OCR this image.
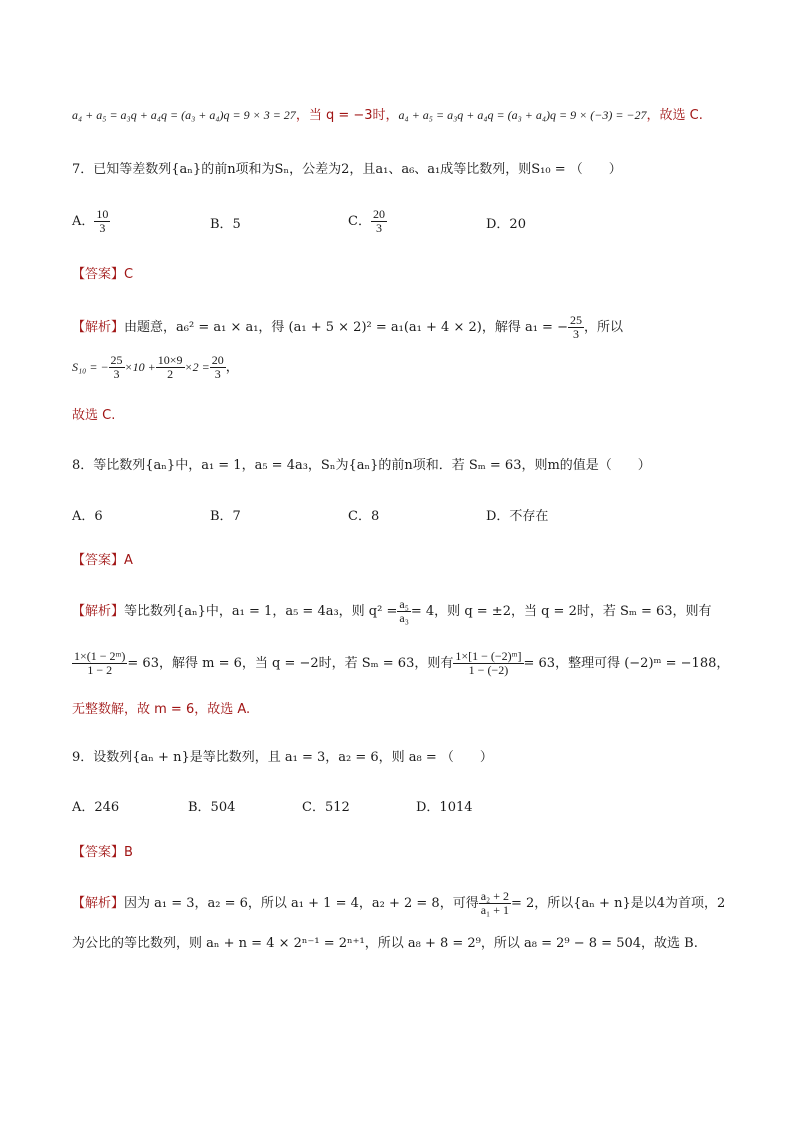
a₄ + a₅ = a₃q + a₄q = (a₃ + a₄)q = 9 × 3 = 27，当 q = −3时，a₄ + a₅ = a₃q + a₄q = (a₃ + a₄)q = 9 × (−3) = −27，故选 C.
7．已知等差数列{aₙ}的前n项和为Sₙ，公差为2，且a₁、a₆、a₁成等比数列，则S₁₀ = （　　）
A． $\frac{10}{3}$	B．5	C． $\frac{20}{3}$	D．20
【答案】C
【解析】由题意，a₆² = a₁ × a₁，得 (a₁ + 5 × 2)² = a₁(a₁ + 4 × 2)，解得 a₁ = − $\frac{25}{3}$ ，所以
S₁₀ = − $\frac{25}{3} \times 10 + \frac{10\times 9}{2} \times 2 = \frac{20}{3}$ ，
故选 C.
8．等比数列{aₙ}中，a₁ = 1，a₅ = 4a₃，Sₙ为{aₙ}的前n项和．若 Sₘ = 63，则m的值是（　　）
A．6	B．7	C．8	D．不存在
【答案】A
【解析】等比数列{aₙ}中，a₁ = 1，a₅ = 4a₃，则 $q^2 = \frac{\text{a₅}}{\text{a₃}} = 4$，则 q = ±2，当 q = 2时，若 Sₘ = 63，则有
$\frac{\text{1×(1 − 2ᵐ)}}{1 - 2} = 63$，解得 m = 6，当 q = −2时，若 Sₘ = 63，则有 $\frac{\text{1×[1 − (−2)ᵐ]}}{1 - (-2)} = 63$，整理可得 (−2)ᵐ = −188，
无整数解，故 m = 6，故选 A.
9．设数列{aₙ + n}是等比数列，且 a₁ = 3，a₂ = 6，则 a₈ = （　　）
A．246	B．504	C．512	D．1014
【答案】B
【解析】因为 a₁ = 3，a₂ = 6，所以 a₁ + 1 = 4，a₂ + 2 = 8，可得 $\frac{\text{a₂ + 2}}{\text{a₁ + 1}} = 2$，所以{aₙ + n}是以4为首项，2
为公比的等比数列，则 aₙ + n = 4 × 2ⁿ⁻¹ = 2ⁿ⁺¹，所以 a₈ + 8 = 2⁹，所以 a₈ = 2⁹ − 8 = 504，故选 B.
